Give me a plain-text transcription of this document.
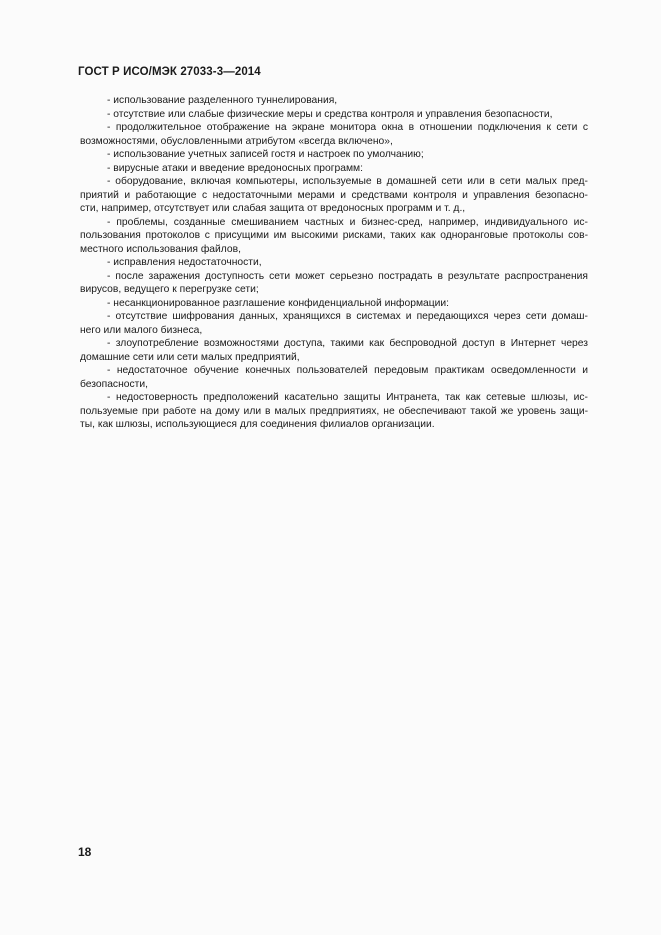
ГОСТ Р ИСО/МЭК 27033-3—2014
- использование разделенного туннелирования,
- отсутствие или слабые физические меры и средства контроля и управления безопасности,
- продолжительное отображение на экране монитора окна в отношении подключения к сети с
возможностями, обусловленными атрибутом «всегда включено»,
- использование учетных записей гостя и настроек по умолчанию;
- вирусные атаки и введение вредоносных программ:
- оборудование, включая компьютеры, используемые в домашней сети или в сети малых пред-
приятий и работающие с недостаточными мерами и средствами контроля и управления безопасно-
сти, например, отсутствует или слабая защита от вредоносных программ и т. д.,
- проблемы, созданные смешиванием частных и бизнес-сред, например, индивидуального ис-
пользования протоколов с присущими им высокими рисками, таких как одноранговые протоколы сов-
местного использования файлов,
- исправления недостаточности,
- после заражения доступность сети может серьезно пострадать в результате распространения
вирусов, ведущего к перегрузке сети;
- несанкционированное разглашение конфиденциальной информации:
- отсутствие шифрования данных, хранящихся в системах и передающихся через сети домаш-
него или малого бизнеса,
- злоупотребление возможностями доступа, такими как беспроводной доступ в Интернет через
домашние сети или сети малых предприятий,
- недостаточное обучение конечных пользователей передовым практикам осведомленности и
безопасности,
- недостоверность предположений касательно защиты Интранета, так как сетевые шлюзы, ис-
пользуемые при работе на дому или в малых предприятиях, не обеспечивают такой же уровень защи-
ты, как шлюзы, использующиеся для соединения филиалов организации.
18
